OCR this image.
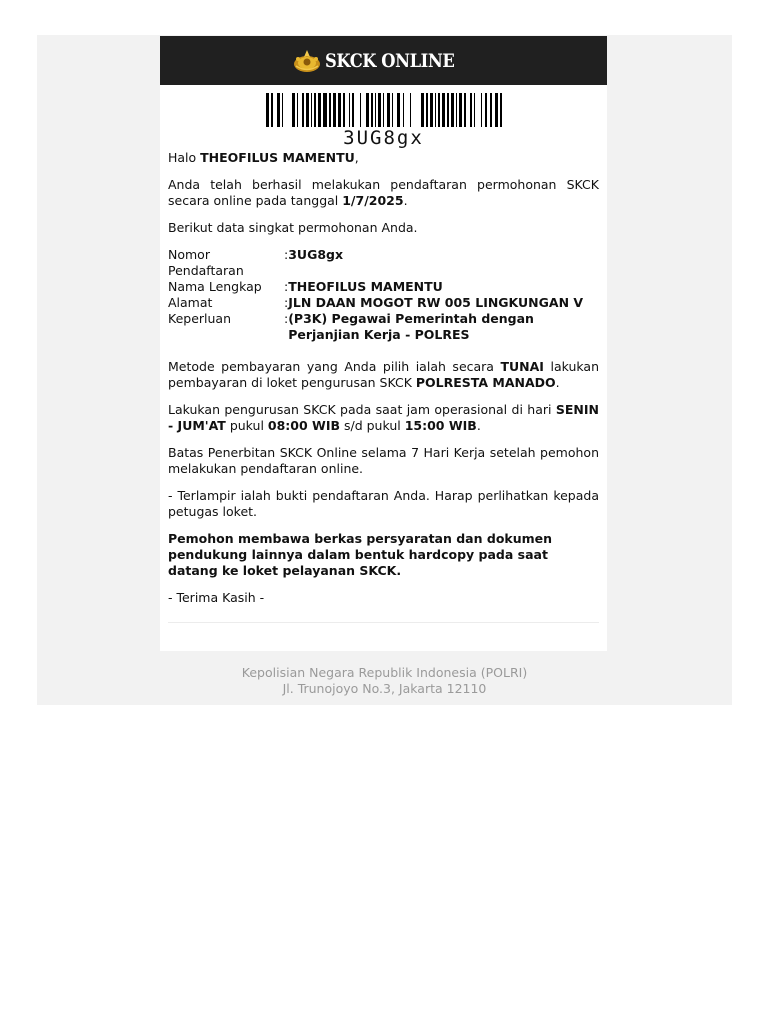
SKCK ONLINE
3UG8gx

Halo THEOFILUS MAMENTU,

Anda telah berhasil melakukan pendaftaran permohonan SKCK secara online pada tanggal 1/7/2025.

Berikut data singkat permohonan Anda.

Nomor Pendaftaran	:	3UG8gx
Nama Lengkap	:	THEOFILUS MAMENTU
Alamat	:	JLN DAAN MOGOT RW 005 LINGKUNGAN V
Keperluan	:	(P3K) Pegawai Pemerintah dengan Perjanjian Kerja - POLRES

Metode pembayaran yang Anda pilih ialah secara TUNAI lakukan pembayaran di loket pengurusan SKCK POLRESTA MANADO.

Lakukan pengurusan SKCK pada saat jam operasional di hari SENIN - JUM'AT pukul 08:00 WIB s/d pukul 15:00 WIB.

Batas Penerbitan SKCK Online selama 7 Hari Kerja setelah pemohon melakukan pendaftaran online.

- Terlampir ialah bukti pendaftaran Anda. Harap perlihatkan kepada petugas loket.

Pemohon membawa berkas persyaratan dan dokumen pendukung lainnya dalam bentuk hardcopy pada saat datang ke loket pelayanan SKCK.

- Terima Kasih -

Kepolisian Negara Republik Indonesia (POLRI)
Jl. Trunojoyo No.3, Jakarta 12110
